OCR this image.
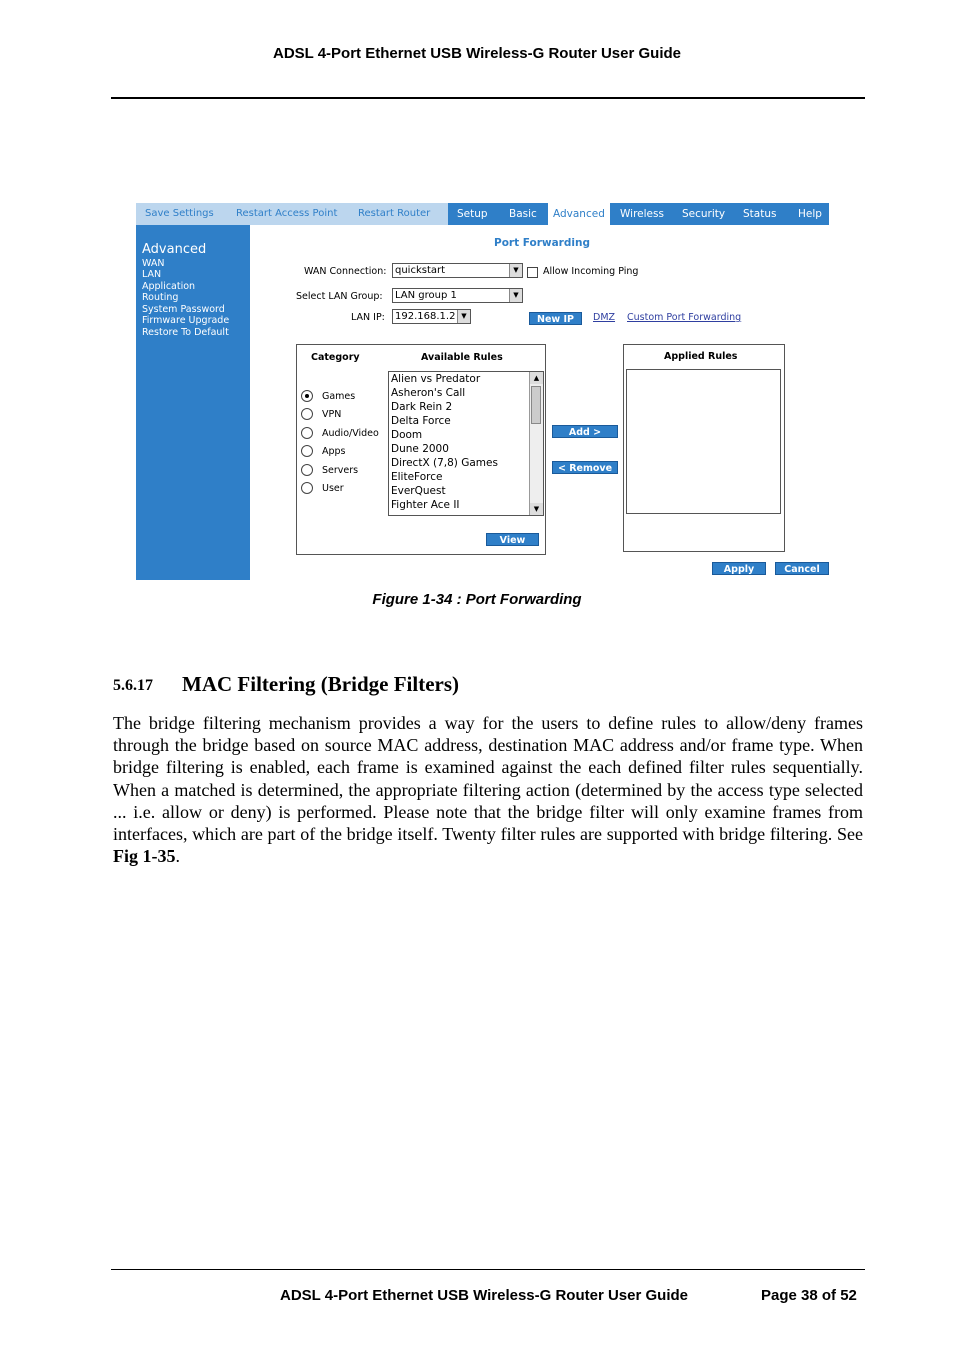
ADSL 4-Port Ethernet USB Wireless-G Router User Guide
Save Settings Restart Access Point Restart Router	Setup Basic	Advanced	Wireless Security Status Help
Advanced
WAN
LAN
Application
Routing
System Password
Firmware Upgrade
Restore To Default
Port Forwarding
WAN Connection: quickstart	▼	Allow Incoming Ping
Select LAN Group:	LAN group 1	▼
LAN IP:	192.168.1.2 ▼	New IP	DMZ Custom Port Forwarding
Category	Available Rules
Games
VPN
Audio/Video
Apps
Servers
User
Alien vs Predator
Asheron's Call
Dark Rein 2
Delta Force
Doom
Dune 2000
DirectX (7,8) Games
EliteForce
EverQuest
Fighter Ace II
▲
▼
View
Add >
< Remove
Applied Rules
Apply	Cancel
Figure 1-34 : Port Forwarding
5.6.17 MAC Filtering (Bridge Filters)
The bridge filtering mechanism provides a way for the users to define rules to allow/deny frames through the bridge based on source MAC address, destination MAC address and/or frame type. When bridge filtering is enabled, each frame is examined against the each defined filter rules sequentially. When a matched is determined, the appropriate filtering action (determined by the access type selected ... i.e. allow or deny) is performed. Please note that the bridge filter will only examine frames from interfaces, which are part of the bridge itself. Twenty filter rules are supported with bridge filtering. See Fig 1-35.
ADSL 4-Port Ethernet USB Wireless-G Router User Guide	Page 38 of 52
